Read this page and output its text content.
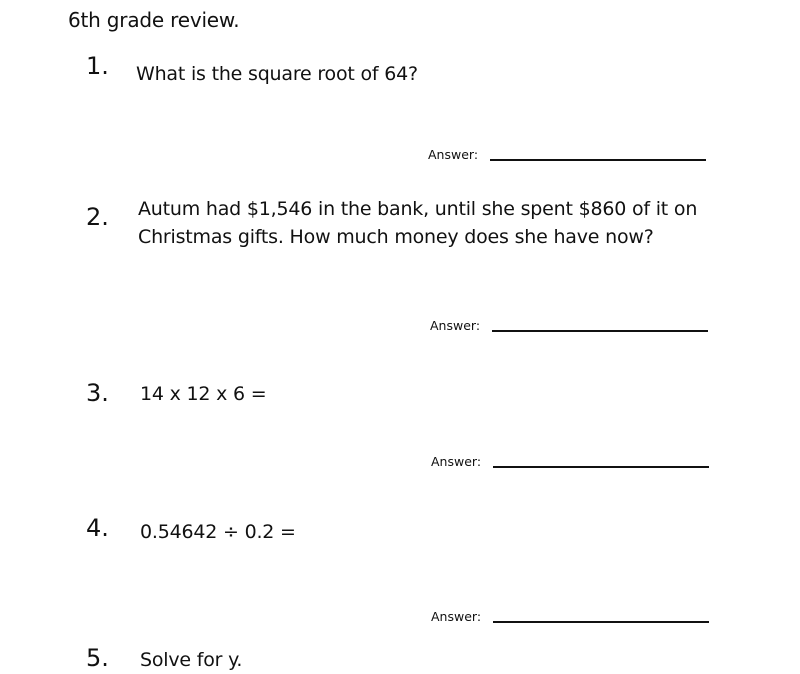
6th grade review.
1. What is the square root of 64?
Answer:
2. Autum had $1,546 in the bank, until she spent $860 of it on
Christmas gifts. How much money does she have now?
Answer:
3. 14 x 12 x 6 =
Answer:
4. 0.54642 ÷ 0.2 =
Answer:
5. Solve for y.
